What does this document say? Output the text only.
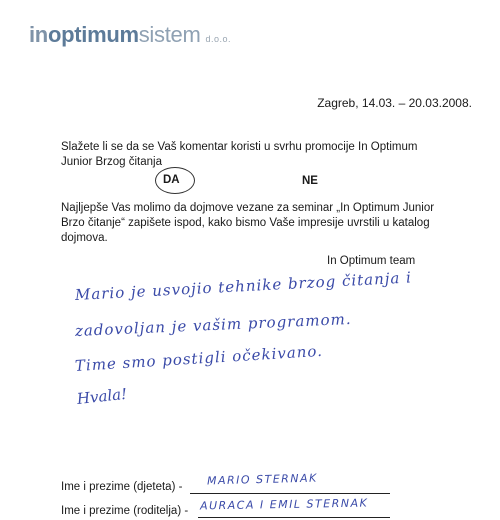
inoptimumsistem d.o.o.
Zagreb, 14.03. – 20.03.2008.
Slažete li se da se Vaš komentar koristi u svrhu promocije In Optimum Junior Brzog čitanja
DA	NE
Najljepše Vas molimo da dojmove vezane za seminar „In Optimum Junior Brzo čitanje“ zapišete ispod, kako bismo Vaše impresije uvrstili u katalog dojmova.
In Optimum team
Mario je usvojio tehnike brzog čitanja i
zadovoljan je vašim programom.
Time smo postigli očekivano.
Hvala!
Ime i prezime (djeteta) - MARIO STERNAK
Ime i prezime (roditelja) - AURACA I EMIL STERNAK
